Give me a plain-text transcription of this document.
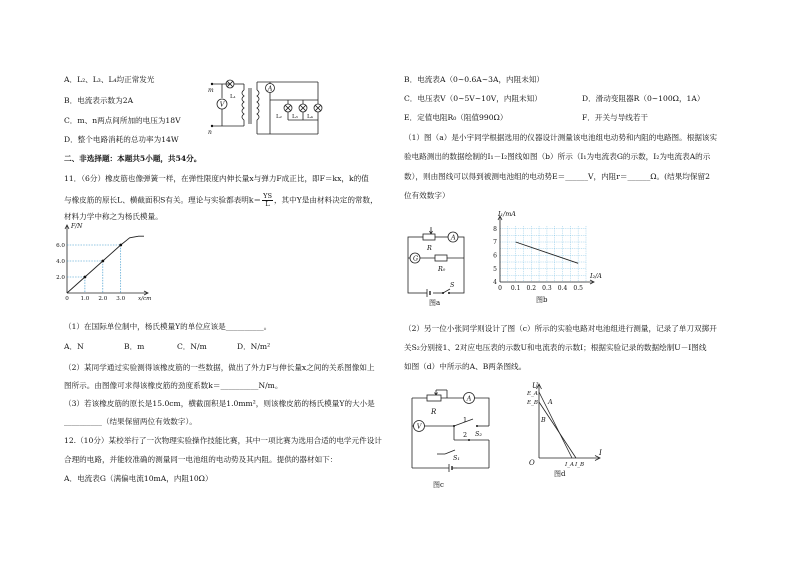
A．L₂、L₃、L₄均正常发光
B．电流表示数为2A
C．m、n两点间所加的电压为18V
D．整个电路消耗的总功率为14W
m
n
V
A
L₁
L₂ L₃ L₄
二、非选择题：本题共5小题，共54分。
11．（6分）橡皮筋也像弹簧一样，在弹性限度内伸长量x与弹力F成正比，即F＝kx，k的值
与橡皮筋的原长L、横截面积S有关。理论与实验都表明$k= \frac{YS}{L}$ ，其中Y是由材料决定的常数，
材料力学中称之为杨氏模量。
0 1.0 2.0 3.0
2.0
4.0
6.0
F/N
x/cm
（1）在国际单位制中，杨氏模量Y的单位应该是__________。
A．N	B．m	C．N/m	D．N/m²
（2）某同学通过实验测得该橡皮筋的一些数据，做出了外力F与伸长量x之间的关系图像如上
图所示。由图像可求得该橡皮筋的劲度系数k＝__________N/m。
（3）若该橡皮筋的原长是15.0cm，横截面积是1.0mm²，则该橡皮筋的杨氏模量Y的大小是
__________（结果保留两位有效数字）。
12.（10分）某校举行了一次物理实验操作技能比赛，其中一项比赛为选用合适的电学元件设计
合理的电路，并能较准确的测量同一电池组的电动势及其内阻。提供的器材如下：
A．电流表G（满偏电流10mA，内阻10Ω）
B．电流表A（0~0.6A~3A，内阻未知）
C．电压表V（0~5V~10V，内阻未知）	D．滑动变阻器R（0~100Ω，1A）
E．定值电阻R₀（阻值990Ω）	F．开关与导线若干
（1）图（a）是小宇同学根据选用的仪器设计测量该电池组电动势和内阻的电路图。根据该实
验电路测出的数据绘制的I₁－I₂图线如图（b）所示（I₁为电流表G的示数，I₂为电流表A的示
数），则由图线可以得到被测电池组的电动势E＝______V，内阻r＝______Ω。(结果均保留2
位有效数字）
A
G
R
R₀
S
图a
0 0.1 0.2 0.3 0.4 0.5
4
5
6
7
8
I₁/mA
I₂/A
图b
（2）另一位小张同学则设计了图（c）所示的实验电路对电池组进行测量，记录了单刀双掷开
关S₂分别接1、2对应电压表的示数U和电流表的示数I；根据实验记录的数据绘制U－I图线
如图（d）中所示的A、B两条图线。
A
V
R
1
2 S₂
S₁
图c
U
I
O
E_A
E_B A
B
I_A I_B
图d
